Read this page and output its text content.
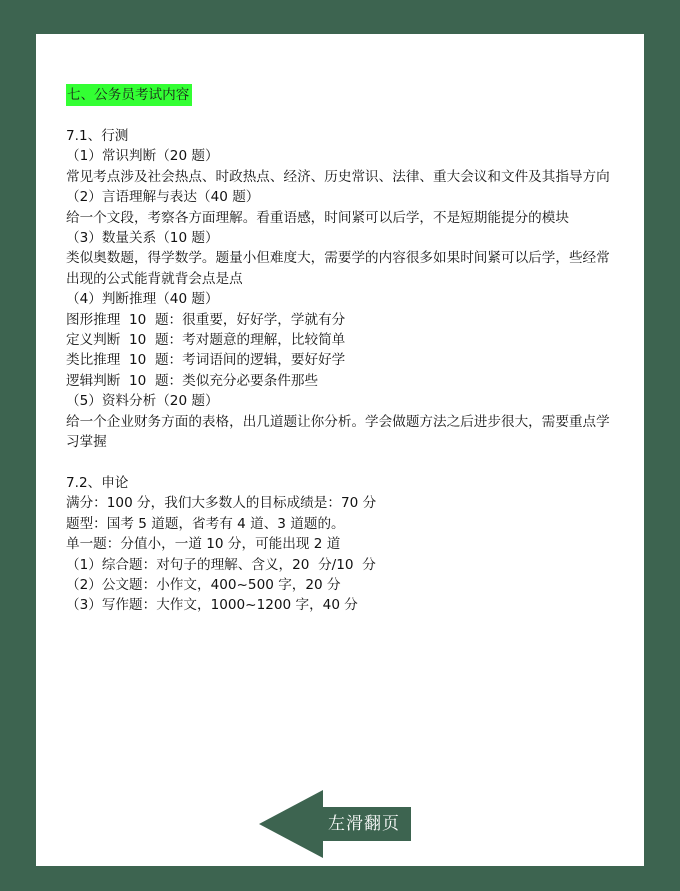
七、公务员考试内容
7.1、行测
（1）常识判断（20 题）
常见考点涉及社会热点、时政热点、经济、历史常识、法律、重大会议和文件及其指导方向
（2）言语理解与表达（40 题）
给一个文段，考察各方面理解。看重语感，时间紧可以后学，不是短期能提分的模块
（3）数量关系（10 题）
类似奥数题，得学数学。题量小但难度大，需要学的内容很多如果时间紧可以后学，些经常出现的公式能背就背会点是点
（4）判断推理（40 题）
图形推理  10  题：很重要，好好学，学就有分
定义判断  10  题：考对题意的理解，比较简单
类比推理  10  题：考词语间的逻辑，要好好学
逻辑判断  10  题：类似充分必要条件那些
（5）资料分析（20 题）
给一个企业财务方面的表格，出几道题让你分析。学会做题方法之后进步很大，需要重点学习掌握
7.2、申论
满分：100 分，我们大多数人的目标成绩是：70 分
题型：国考 5 道题，省考有 4 道、3 道题的。
单一题：分值小，一道 10 分，可能出现 2 道
（1）综合题：对句子的理解、含义，20  分/10  分
（2）公文题：小作文，400~500 字，20 分
（3）写作题：大作文，1000~1200 字，40 分
左滑翻页
